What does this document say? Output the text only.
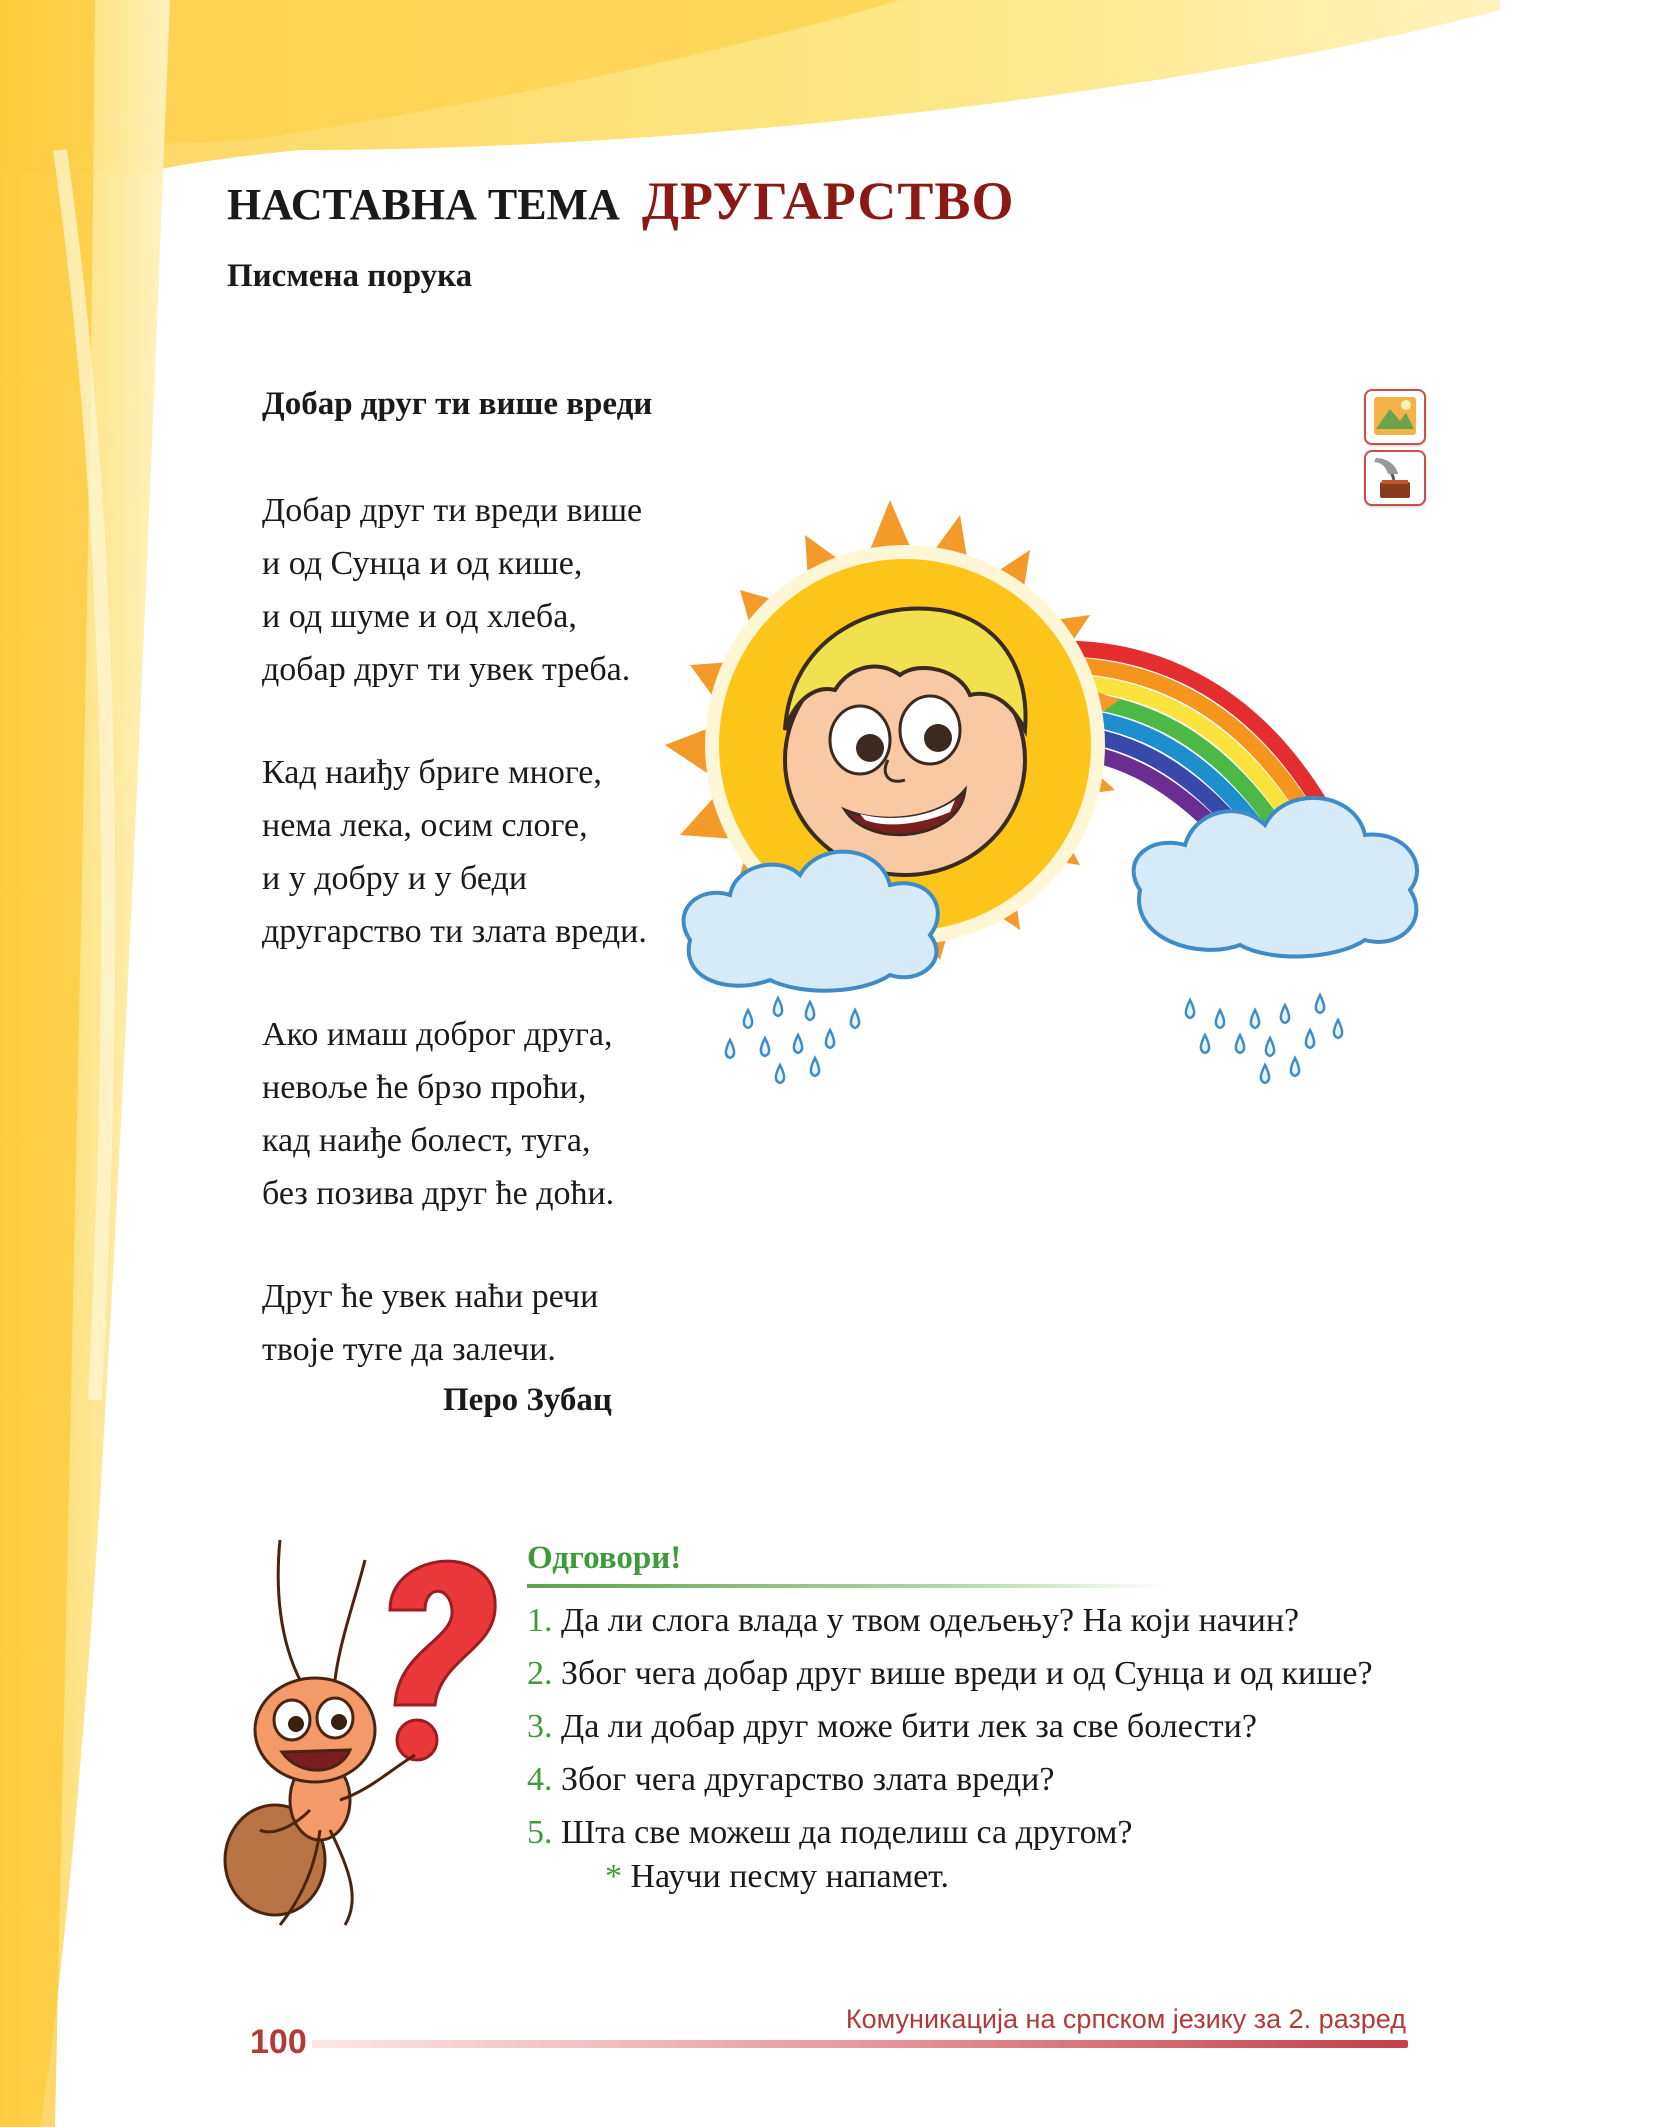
НАСТАВНА ТЕМА ДРУГАРСТВО
Писмена порука
Добар друг ти више вреди
Добар друг ти вреди више
и од Сунца и од кише,
и од шуме и од хлеба,
добар друг ти увек треба.
Кад наиђу бриге многе,
нема лека, осим слоге,
и у добру и у беди
другарство ти злата вреди.
Ако имаш доброг друга,
невоље ће брзо проћи,
кад наиђе болест, туга,
без позива друг ће доћи.
Друг ће увек наћи речи
твоје туге да залечи.
Перо Зубац
Одговори!
1. Да ли слога влада у твом одељењу? На који начин?
2. Због чега добар друг више вреди и од Сунца и од кише?
3. Да ли добар друг може бити лек за све болести?
4. Због чега другарство злата вреди?
5. Шта све можеш да поделиш са другом?
* Научи песму напамет.
Комуникација на српском језику за 2. разред
100
